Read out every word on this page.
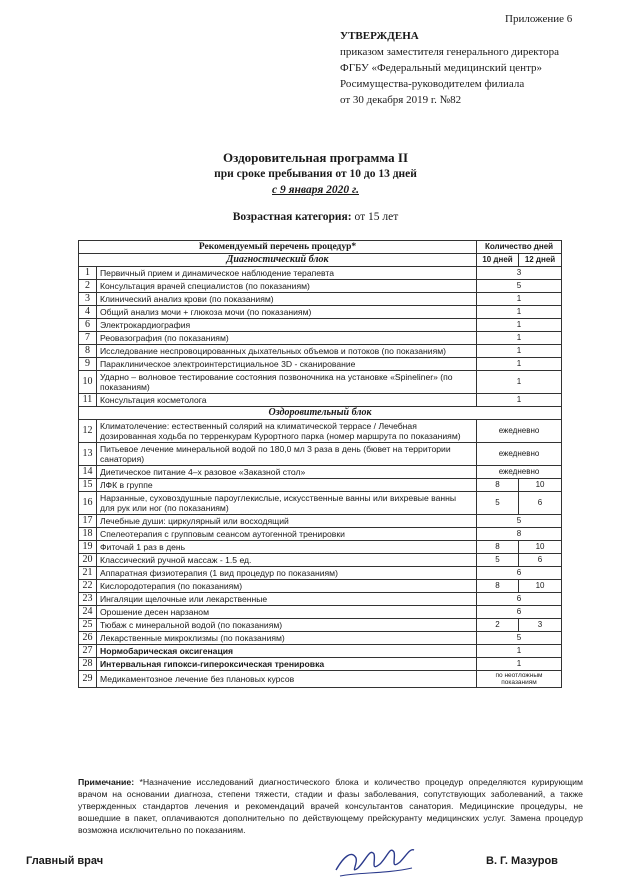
Приложение 6
УТВЕРЖДЕНА
приказом заместителя генерального директора
ФГБУ «Федеральный медицинский центр»
Росимущества-руководителем филиала
от 30 декабря 2019 г. №82
Оздоровительная программа II
при сроке пребывания от 10 до 13 дней
с 9 января 2020 г.
Возрастная категория: от 15 лет
Рекомендуемый перечень процедур*		Количество дней	
Диагностический блок		10 дней	12 дней
1	Первичный прием и динамическое наблюдение терапевта	3	
2	Консультация врачей специалистов (по показаниям)	5	
3	Клинический анализ крови (по показаниям)	1	
4	Общий анализ мочи + глюкоза мочи (по показаниям)	1	
6	Электрокардиография	1	
7	Реовазография (по показаниям)	1	
8	Исследование неспровоцированных дыхательных объемов и потоков (по показаниям)	1	
9	Параклиническое электроинтерстициальное 3D - сканирование	1	
10	Ударно – волновое тестирование состояния позвоночника на установке «Spineliner» (по показаниям)	1	
11	Консультация косметолога	1	
Оздоровительный блок			
12	Климатолечение: естественный солярий на климатической террасе / Лечебная дозированная ходьба по терренкурам Курортного парка (номер маршрута по показаниям)	ежедневно	
13	Питьевое лечение минеральной водой по 180,0 мл 3 раза в день (бювет на территории санатория)	ежедневно	
14	Диетическое питание 4–х разовое «Заказной стол»	ежедневно	
15	ЛФК в группе	8	10
16	Нарзанные, суховоздушные пароуглекислые, искусственные ванны или вихревые ванны для рук или ног (по показаниям)	5	6
17	Лечебные души: циркулярный или восходящий	5	
18	Спелеотерапия с групповым сеансом аутогенной тренировки	8	
19	Фиточай 1 раз в день	8	10
20	Классический ручной массаж - 1.5 ед.	5	6
21	Аппаратная физиотерапия (1 вид процедур по показаниям)	6	
22	Кислородотерапия (по показаниям)	8	10
23	Ингаляции щелочные или лекарственные	6	
24	Орошение десен нарзаном	6	
25	Тюбаж с минеральной водой (по показаниям)	2	3
26	Лекарственные микроклизмы (по показаниям)	5	
27	Нормобарическая оксигенация	1	
28	Интервальная гипокси-гипероксическая тренировка	1	
29	Медикаментозное лечение без плановых курсов	по неотложным показаниям	
Примечание: *Назначение исследований диагностического блока и количество процедур определяются курирующим врачом на основании диагноза, степени тяжести, стадии и фазы заболевания, сопутствующих заболеваний, а также утвержденных стандартов лечения и рекомендаций врачей консультантов санатория. Медицинские процедуры, не вошедшие в пакет, оплачиваются дополнительно по действующему прейскуранту медицинских услуг. Замена процедур возможна исключительно по показаниям.
Главный врач	В. Г. Мазуров
